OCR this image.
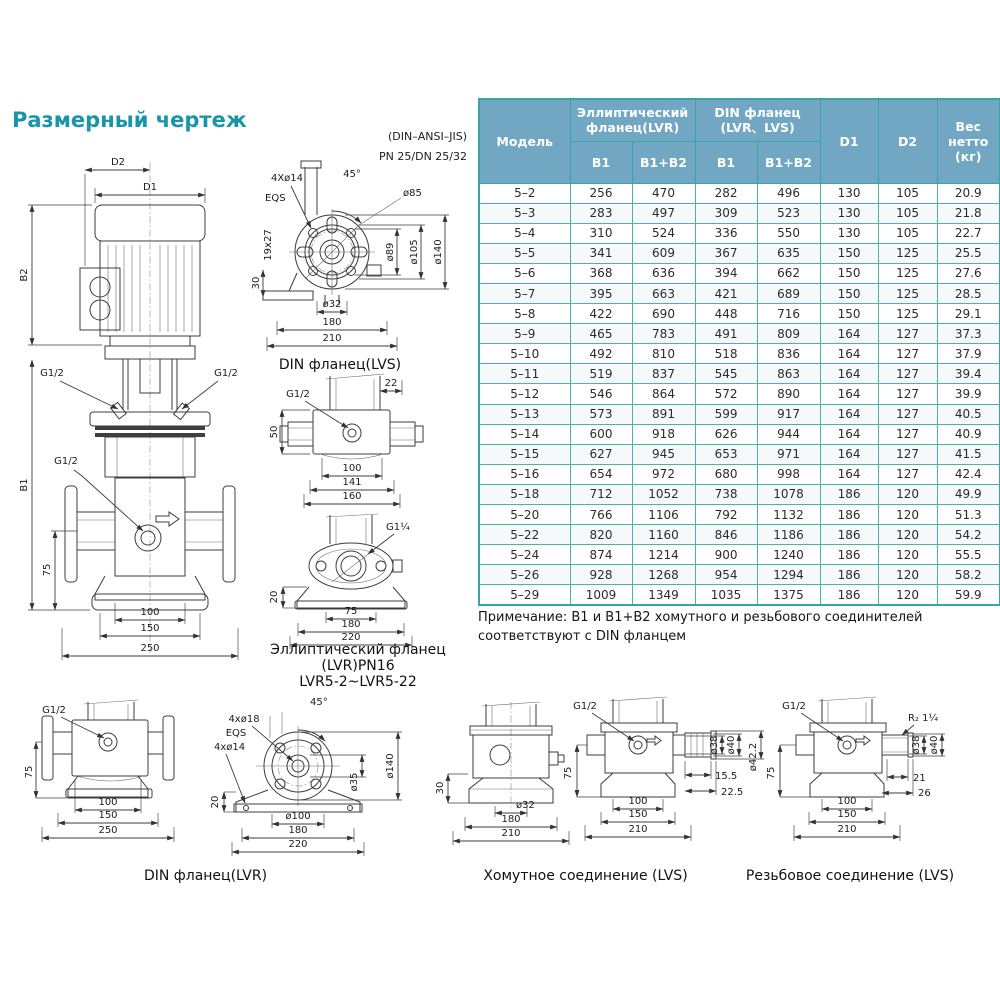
Размерный чертеж
D2
D1
B2
G1/2	G1/2
G1/2
B1
75
100
150
250
(DIN–ANSI–JIS)
PN 25/DN 25/32
4Xø14
EQS
45°
ø85
19x27	ø89 ø105 ø140
30
ø32
180
210
DIN фланец(LVS)
G1/2
22
50
100
141
160
G1¼
20
75
180
220
Эллиптический фланец (LVR)PN16
LVR5-2~LVR5-22
Модель	Эллиптический фланец(LVR)		DIN фланец (LVR、LVS)		D1	D2	Вес нетто (кг)
	B1	B1+B2	B1	B1+B2			
5–2	256	470	282	496	130	105	20.9
5–3	283	497	309	523	130	105	21.8
5–4	310	524	336	550	130	105	22.7
5–5	341	609	367	635	150	125	25.5
5–6	368	636	394	662	150	125	27.6
5–7	395	663	421	689	150	125	28.5
5–8	422	690	448	716	150	125	29.1
5–9	465	783	491	809	164	127	37.3
5–10	492	810	518	836	164	127	37.9
5–11	519	837	545	863	164	127	39.4
5–12	546	864	572	890	164	127	39.9
5–13	573	891	599	917	164	127	40.5
5–14	600	918	626	944	164	127	40.9
5–15	627	945	653	971	164	127	41.5
5–16	654	972	680	998	164	127	42.4
5–18	712	1052	738	1078	186	120	49.9
5–20	766	1106	792	1132	186	120	51.3
5–22	820	1160	846	1186	186	120	54.2
5–24	874	1214	900	1240	186	120	55.5
5–26	928	1268	954	1294	186	120	58.2
5–29	1009	1349	1035	1375	186	120	59.9
Примечание: B1 и B1+B2 хомутного и резьбового соединителей соответствуют с DIN фланцем
G1/2
75
100
150
250
45°
4xø18
EQS
4xø14
ø140
ø35
20
ø100
180
220
DIN фланец(LVR)
30
ø32
180
210
G1/2
75
ø38 ø40 ø42.2
15.5
22.5
100
150
210
Хомутное соединение (LVS)
G1/2
R₂ 1¼
75
ø38 ø40
21
26
100
150
210
Резьбовое соединение (LVS)
